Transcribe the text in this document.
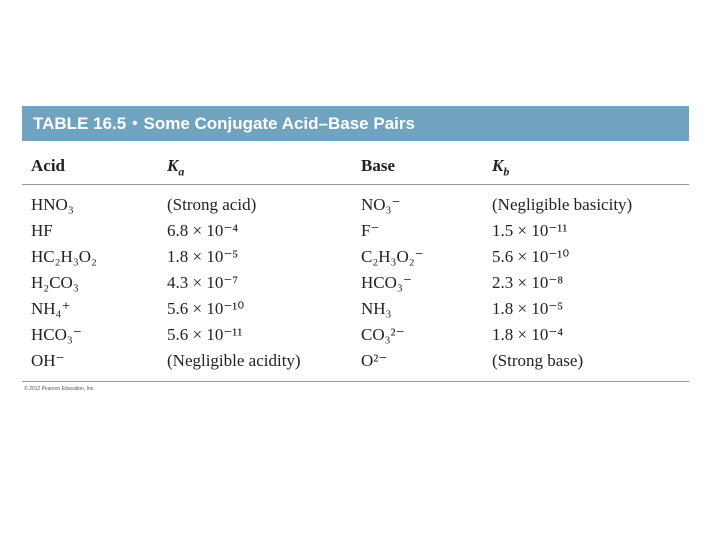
TABLE 16.5 • Some Conjugate Acid–Base Pairs
Acid	$K_a$	Base	$K_b$
HNO₃	(Strong acid)	NO₃⁻	(Negligible basicity)
HF	6.8 × 10⁻⁴	F⁻	1.5 × 10⁻¹¹
HC₂H₃O₂	1.8 × 10⁻⁵	C₂H₃O₂⁻	5.6 × 10⁻¹⁰
H₂CO₃	4.3 × 10⁻⁷	HCO₃⁻	2.3 × 10⁻⁸
NH₄⁺	5.6 × 10⁻¹⁰	NH₃	1.8 × 10⁻⁵
HCO₃⁻	5.6 × 10⁻¹¹	CO₃²⁻	1.8 × 10⁻⁴
OH⁻	(Negligible acidity)	O²⁻	(Strong base)
© 2012 Pearson Education, Inc.
